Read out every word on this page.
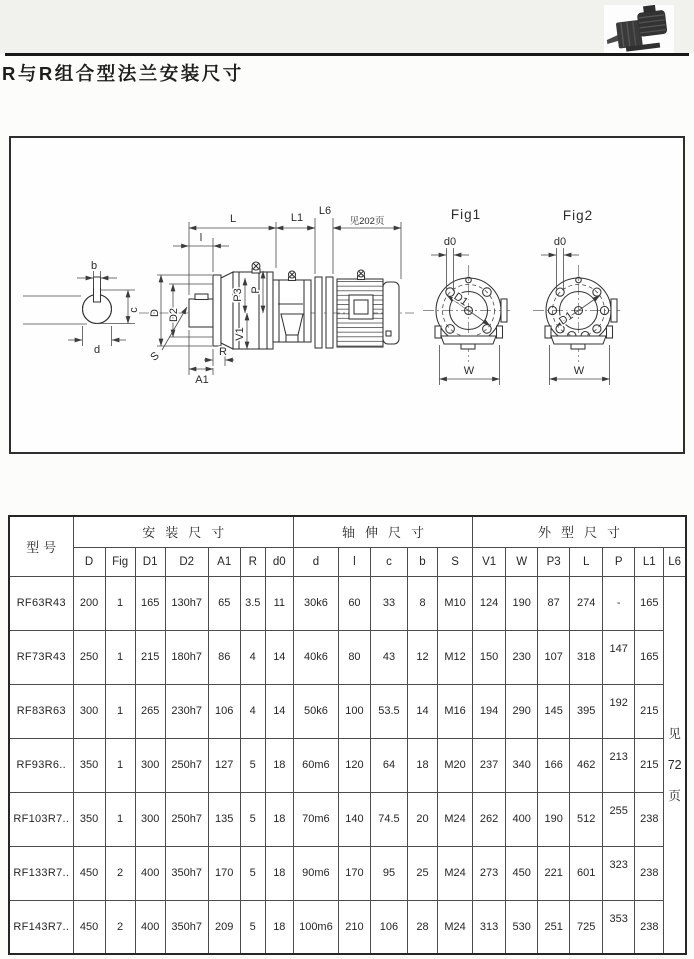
R与R组合型法兰安装尺寸
b
c
d
D D2
l
L	L1
L6
见202页
P3 P
V1
S	R
A1
Fig1
D1
d0
W
Fig2
D1
d0
W
型号	安装尺寸							轴伸尺寸					外型尺寸						
	D	Fig	D1	D2	A1	R	d0	d	l	c	b	S	V1	W	P3	L	P	L1	L6
RF63R43	200	1	165	130h7	65	3.5	11	30k6	60	33	8	M10	124	190	87	274	-	165	见
72
页

RF73R43	250	1	215	180h7	86	4	14	40k6	80	43	12	M12	150	230	107	318	147	165	
RF83R63	300	1	265	230h7	106	4	14	50k6	100	53.5	14	M16	194	290	145	395	192	215	
RF93R6..	350	1	300	250h7	127	5	18	60m6	120	64	18	M20	237	340	166	462	213	215	
RF103R7..	350	1	300	250h7	135	5	18	70m6	140	74.5	20	M24	262	400	190	512	255	238	
RF133R7..	450	2	400	350h7	170	5	18	90m6	170	95	25	M24	273	450	221	601	323	238	
RF143R7..	450	2	400	350h7	209	5	18	100m6	210	106	28	M24	313	530	251	725	353	238	
